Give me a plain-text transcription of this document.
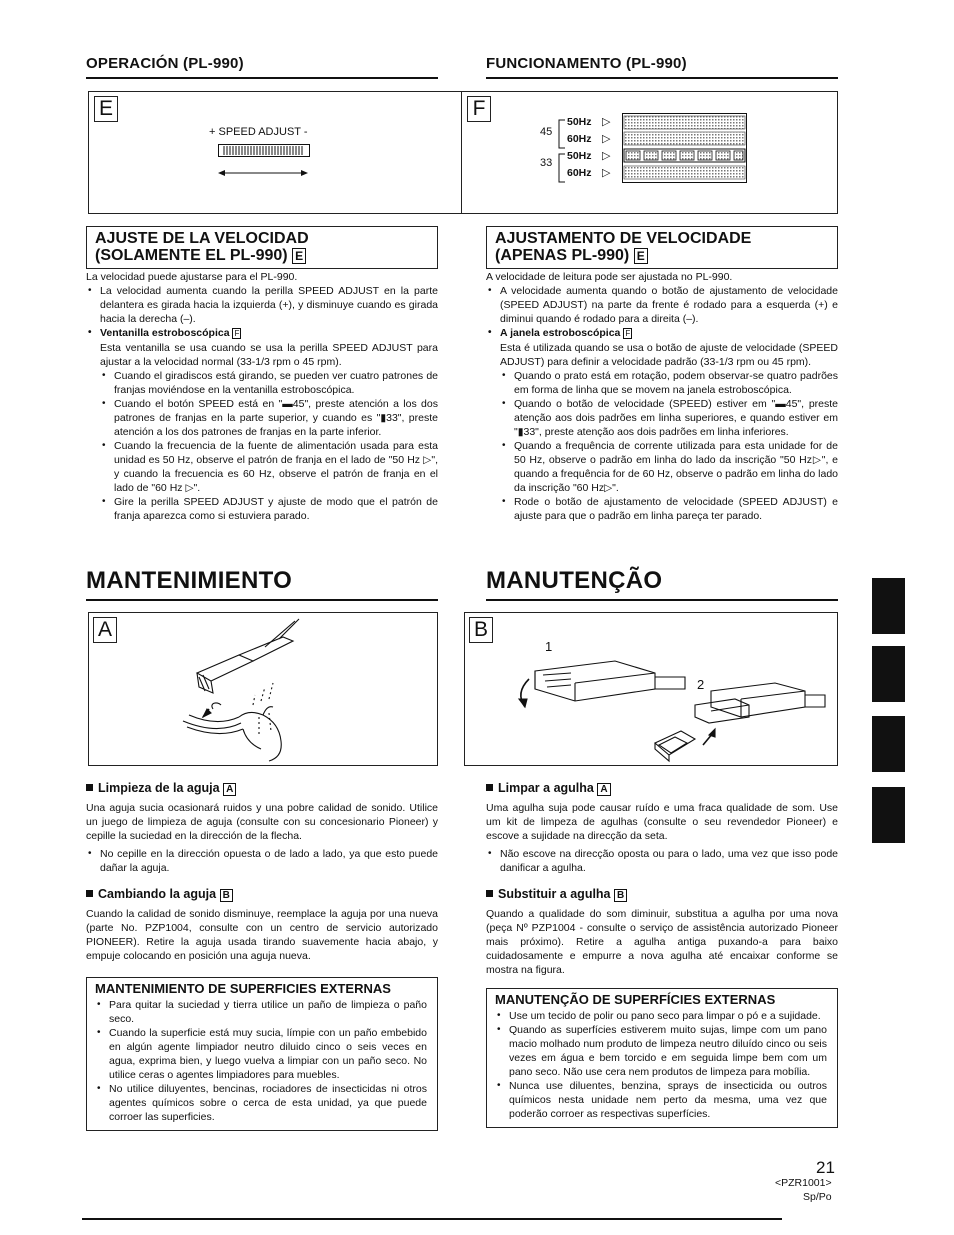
OPERACIÓN (PL-990)	FUNCIONAMENTO (PL-990)
E
+ SPEED ADJUST -
F
45
33
50Hz
60Hz
50Hz
60Hz
▷
▷
▷
▷
AJUSTE DE LA VELOCIDAD
(SOLAMENTE EL PL-990) E

La velocidad puede ajustarse para el PL-990.

• La velocidad aumenta cuando la perilla SPEED ADJUST en la parte delantera es girada hacia la izquierda (+), y disminuye cuando es girada hacia la derecha (–).

• Ventanilla estroboscópica F

Esta ventanilla se usa cuando se usa la perilla SPEED ADJUST para ajustar a la velocidad normal (33-1/3 rpm o 45 rpm).

• Cuando el giradiscos está girando, se pueden ver cuatro patrones de franjas moviéndose en la ventanilla estroboscópica.

• Cuando el botón SPEED está en "▬45", preste atención a los dos patrones de franjas en la parte superior, y cuando es "▮33", preste atención a los dos patrones de franjas en la parte inferior.

• Cuando la frecuencia de la fuente de alimentación usada para esta unidad es 50 Hz, observe el patrón de franja en el lado de "50 Hz ▷", y cuando la frecuencia es 60 Hz, observe el patrón de franja en el lado de "60 Hz ▷".

• Gire la perilla SPEED ADJUST y ajuste de modo que el patrón de franja aparezca como si estuviera parado.

AJUSTAMENTO DE VELOCIDADE
(APENAS PL-990) E

A velocidade de leitura pode ser ajustada no PL-990.

• A velocidade aumenta quando o botão de ajustamento de velocidade (SPEED ADJUST) na parte da frente é rodado para a esquerda (+) e diminui quando é rodado para a direita (–).

• A janela estroboscópica F

Esta é utilizada quando se usa o botão de ajuste de velocidade (SPEED ADJUST) para definir a velocidade padrão (33-1/3 rpm ou 45 rpm).

• Quando o prato está em rotação, podem observar-se quatro padrões em forma de linha que se movem na janela estroboscópica.

• Quando o botão de velocidade (SPEED) estiver em "▬45", preste atenção aos dois padrões em linha superiores, e quando estiver em "▮33", preste atenção aos dois padrões em linha inferiores.

• Quando a frequência de corrente utilizada para esta unidade for de 50 Hz, observe o padrão em linha do lado da inscrição "50 Hz▷", e quando a frequência for de 60 Hz, observe o padrão em linha do lado da inscrição "60 Hz▷".

• Rode o botão de ajustamento de velocidade (SPEED ADJUST) e ajuste para que o padrão em linha pareça ter parado.

MANTENIMIENTO	MANUTENÇÃO
A	B
1
2
Limpieza de la aguja A

Una aguja sucia ocasionará ruidos y una pobre calidad de sonido. Utilice un juego de limpieza de aguja (consulte con su concesionario Pioneer) y cepille la suciedad en la dirección de la flecha.

• No cepille en la dirección opuesta o de lado a lado, ya que esto puede dañar la aguja.

Cambiando la aguja B

Cuando la calidad de sonido disminuye, reemplace la aguja por una nueva (parte No. PZP1004, consulte con un centro de servicio autorizado PIONEER). Retire la aguja usada tirando suavemente hacia abajo, y empuje colocando en posición una aguja nueva.

MANTENIMIENTO DE SUPERFICIES EXTERNAS

• Para quitar la suciedad y tierra utilice un paño de limpieza o paño seco.

• Cuando la superficie está muy sucia, límpie con un paño embebido en algún agente limpiador neutro diluido cinco o seis veces en agua, exprima bien, y luego vuelva a limpiar con un paño seco. No utilice ceras o agentes limpiadores para muebles.

• No utilice diluyentes, bencinas, rociadores de insecticidas ni otros agentes químicos sobre o cerca de esta unidad, ya que puede corroer las superficies.

Limpar a agulha A

Uma agulha suja pode causar ruído e uma fraca qualidade de som. Use um kit de limpeza de agulhas (consulte o seu revendedor Pioneer) e escove a sujidade na direcção da seta.

• Não escove na direcção oposta ou para o lado, uma vez que isso pode danificar a agulha.

Substituir a agulha B

Quando a qualidade do som diminuir, substitua a agulha por uma nova (peça Nº PZP1004 - consulte o serviço de assistência autorizado Pioneer mais próximo). Retire a agulha antiga puxando-a para baixo cuidadosamente e empurre a nova agulha até encaixar conforme se mostra na figura.

MANUTENÇÃO DE SUPERFÍCIES EXTERNAS

• Use um tecido de polir ou pano seco para limpar o pó e a sujidade.

• Quando as superfícies estiverem muito sujas, limpe com um pano macio molhado num produto de limpeza neutro diluído cinco ou seis vezes em água e bem torcido e em seguida limpe bem com um pano seco. Não use cera nem produtos de limpeza para mobília.

• Nunca use diluentes, benzina, sprays de insecticida ou outros químicos nesta unidade nem perto da mesma, uma vez que poderão corroer as respectivas superfícies.

21
<PZR1001>
Sp/Po
